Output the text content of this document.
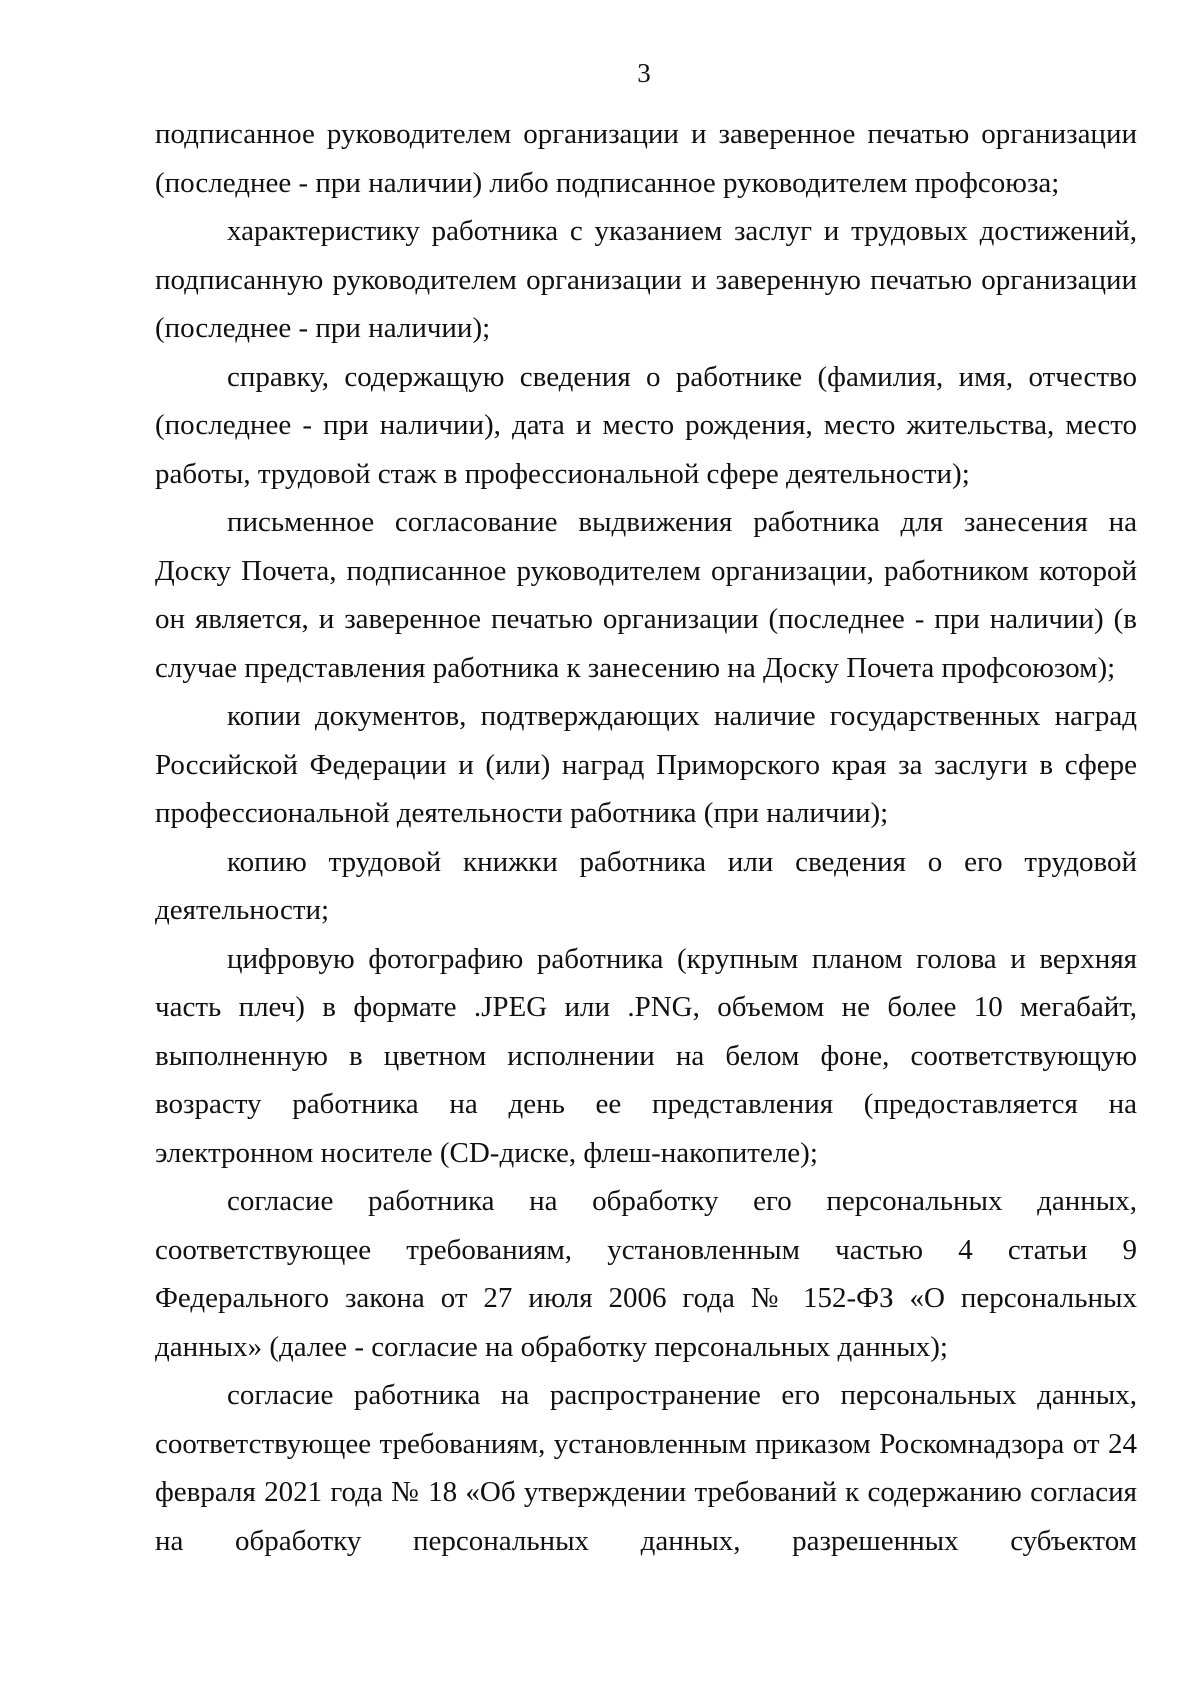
3

подписанное руководителем организации и заверенное печатью организации (последнее - при наличии) либо подписанное руководителем профсоюза;

характеристику работника с указанием заслуг и трудовых достижений, подписанную руководителем организации и заверенную печатью организации (последнее - при наличии);

справку, содержащую сведения о работнике (фамилия, имя, отчество (последнее - при наличии), дата и место рождения, место жительства, место работы, трудовой стаж в профессиональной сфере деятельности);

письменное согласование выдвижения работника для занесения на Доску Почета, подписанное руководителем организации, работником которой он является, и заверенное печатью организации (последнее - при наличии) (в случае представления работника к занесению на Доску Почета профсоюзом);

копии документов, подтверждающих наличие государственных наград Российской Федерации и (или) наград Приморского края за заслуги в сфере профессиональной деятельности работника (при наличии);

копию трудовой книжки работника или сведения о его трудовой деятельности;

цифровую фотографию работника (крупным планом голова и верхняя часть плеч) в формате .JPEG или .PNG, объемом не более 10 мегабайт, выполненную в цветном исполнении на белом фоне, соответствующую возрасту работника на день ее представления (предоставляется на электронном носителе (CD-диске, флеш-накопителе);

согласие работника на обработку его персональных данных, соответствующее требованиям, установленным частью 4 статьи 9 Федерального закона от 27 июля 2006 года № 152-ФЗ «О персональных данных» (далее - согласие на обработку персональных данных);

согласие работника на распространение его персональных данных, соответствующее требованиям, установленным приказом Роскомнадзора от 24 февраля 2021 года № 18 «Об утверждении требований к содержанию согласия на обработку персональных данных, разрешенных субъектом
